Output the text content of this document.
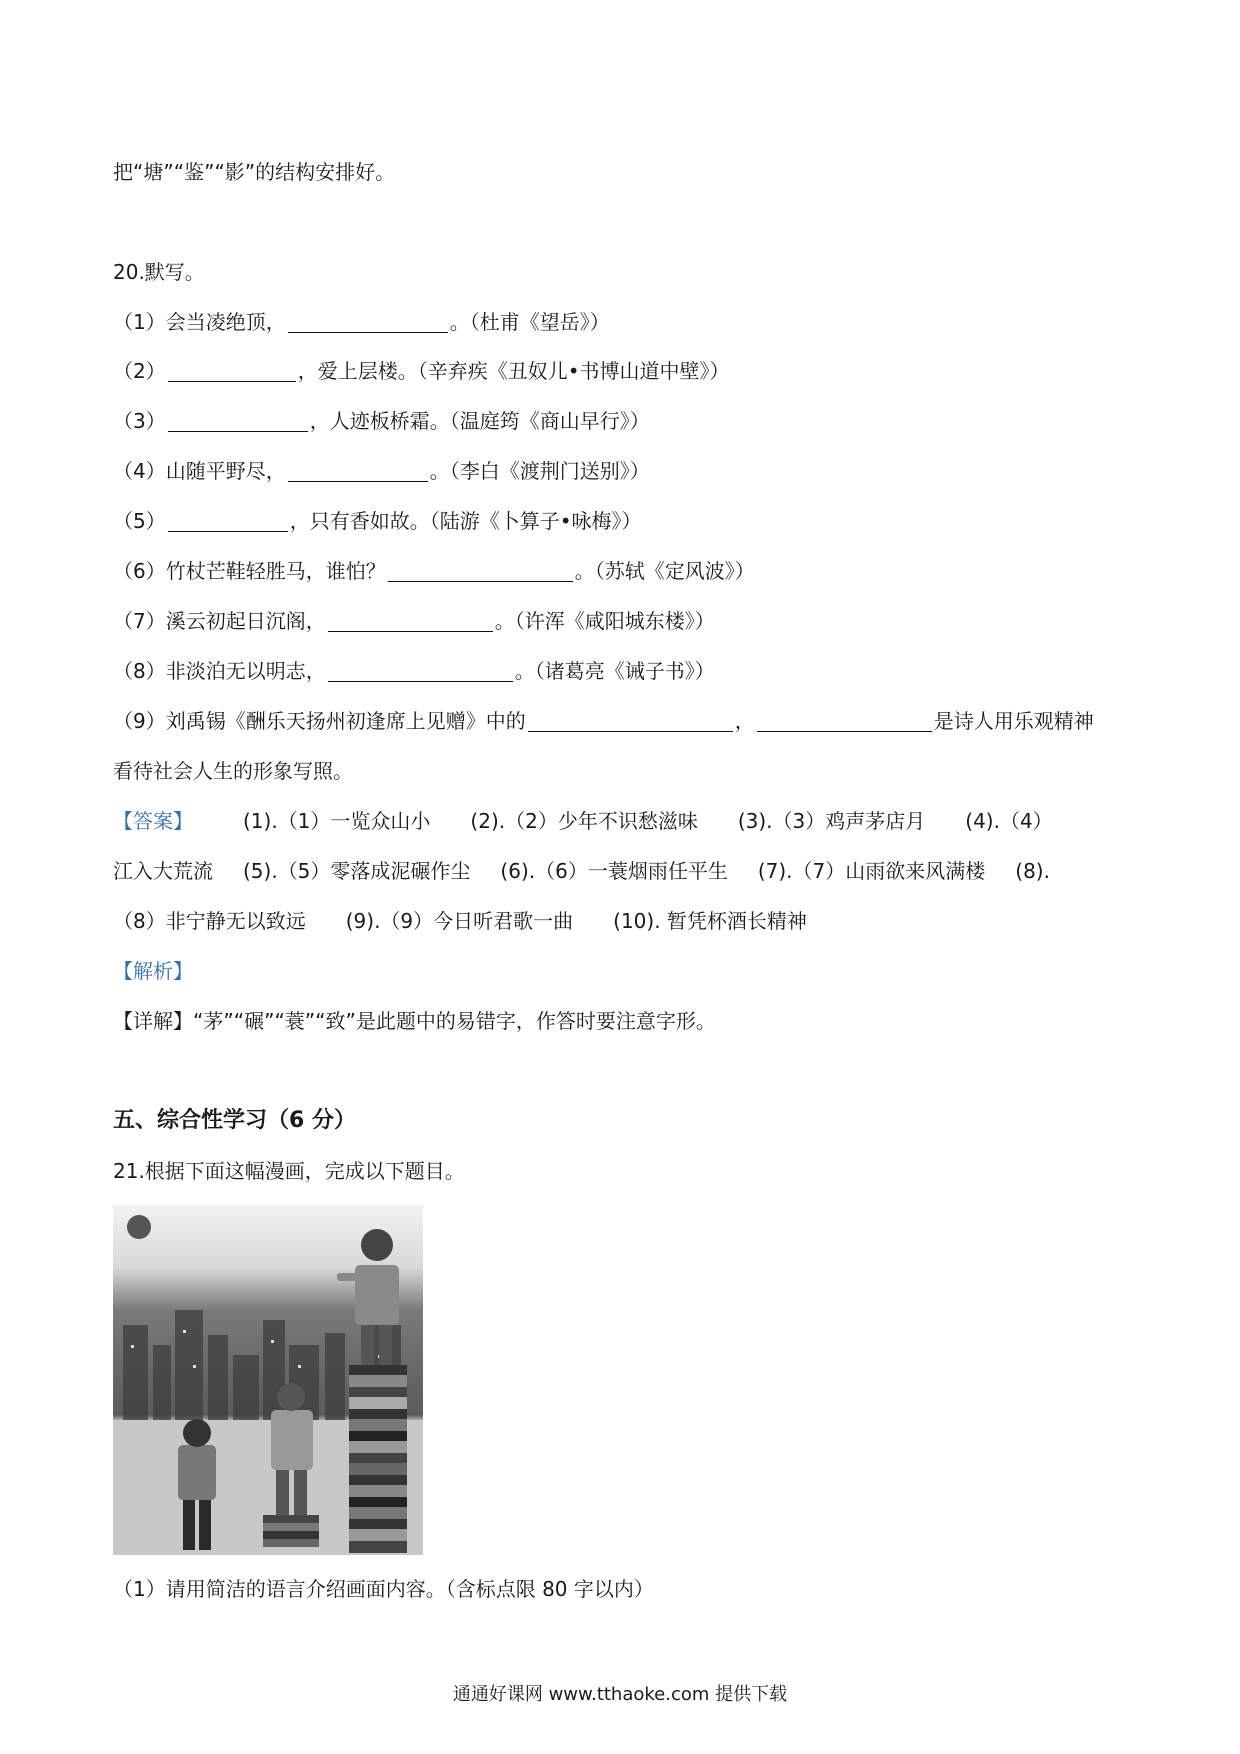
把“塘”“鉴”“影”的结构安排好。
20.默写。
（1）会当凌绝顶，	。（杜甫《望岳》）
（2）	，爱上层楼。（辛弃疾《丑奴儿•书博山道中壁》）
（3）	，人迹板桥霜。（温庭筠《商山早行》）
（4）山随平野尽，	。（李白《渡荆门送别》）
（5）	，只有香如故。（陆游《卜算子•咏梅》）
（6）竹杖芒鞋轻胜马，谁怕？	。（苏轼《定风波》）
（7）溪云初起日沉阁，	。（许浑《咸阳城东楼》）
（8）非淡泊无以明志，	。（诸葛亮《诫子书》）
（9）刘禹锡《酬乐天扬州初逢席上见赠》中的	，	是诗人用乐观精神
看待社会人生的形象写照。
【答案】	(1).（1）一览众山小 (2).（2）少年不识愁滋味 (3).（3）鸡声茅店月 (4).（4）
江入大荒流 (5).（5）零落成泥碾作尘 (6).（6）一蓑烟雨任平生 (7).（7）山雨欲来风满楼 (8).
（8）非宁静无以致远 (9).（9）今日听君歌一曲 (10). 暂凭杯酒长精神
【解析】
【详解】“茅”“碾”“蓑”“致”是此题中的易错字，作答时要注意字形。
五、综合性学习（6 分）
21.根据下面这幅漫画，完成以下题目。
（1）请用简洁的语言介绍画面内容。（含标点限 80 字以内）
通通好课网 www.tthaoke.com 提供下载
